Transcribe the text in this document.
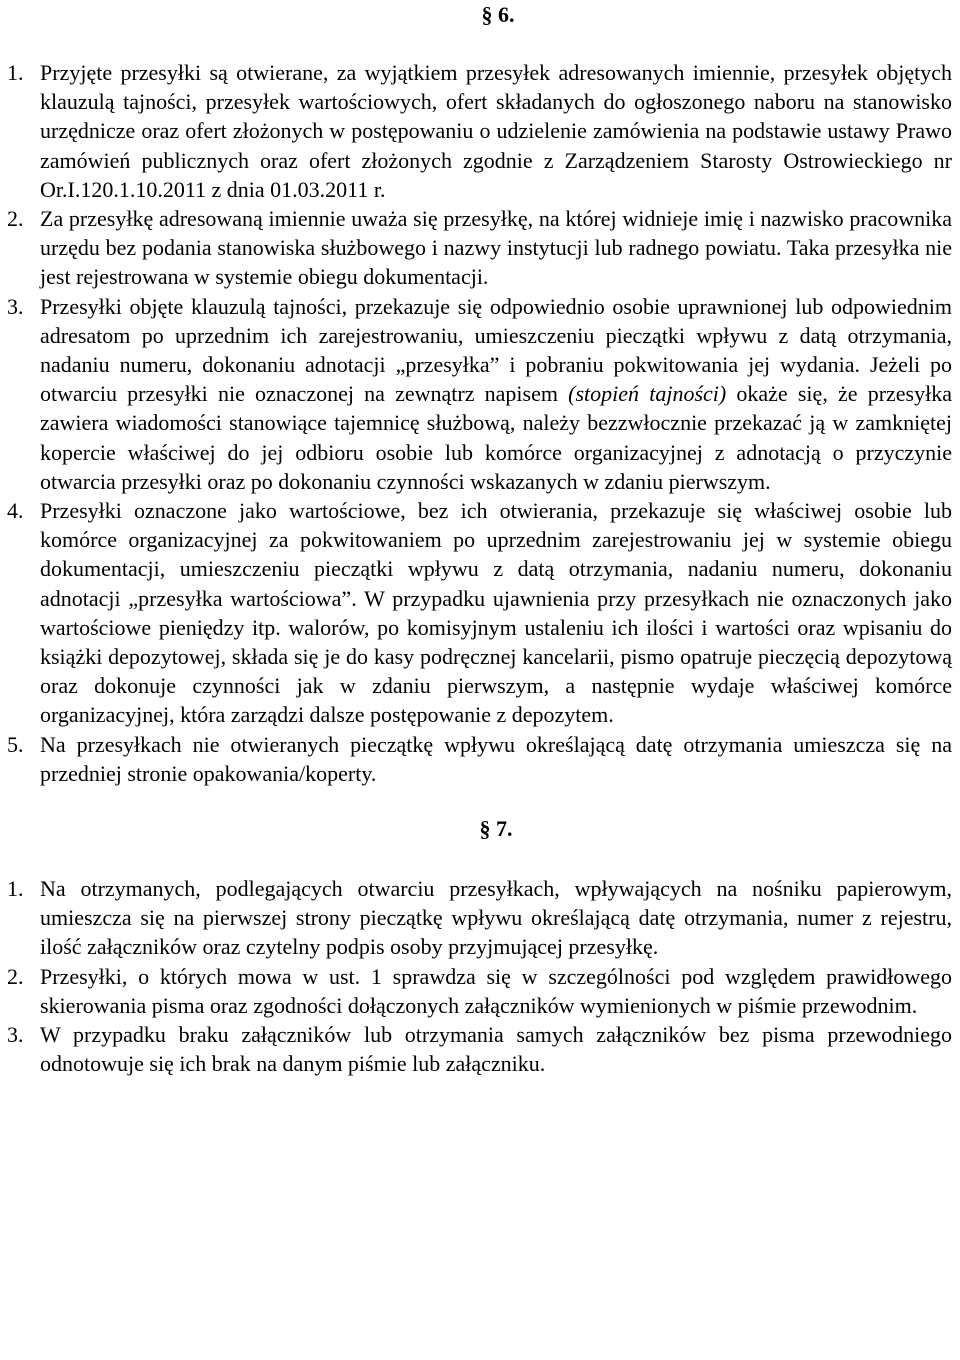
§ 6.
1. Przyjęte przesyłki są otwierane, za wyjątkiem przesyłek adresowanych imiennie, przesyłek objętych klauzulą tajności, przesyłek wartościowych, ofert składanych do ogłoszonego naboru na stanowisko urzędnicze oraz ofert złożonych w postępowaniu o udzielenie zamówienia na podstawie ustawy Prawo zamówień publicznych oraz ofert złożonych zgodnie z Zarządzeniem Starosty Ostrowieckiego nr Or.I.120.1.10.2011 z dnia 01.03.2011 r.
2. Za przesyłkę adresowaną imiennie uważa się przesyłkę, na której widnieje imię i nazwisko pracownika urzędu bez podania stanowiska służbowego i nazwy instytucji lub radnego powiatu. Taka przesyłka nie jest rejestrowana w systemie obiegu dokumentacji.
3. Przesyłki objęte klauzulą tajności, przekazuje się odpowiednio osobie uprawnionej lub odpowiednim adresatom po uprzednim ich zarejestrowaniu, umieszczeniu pieczątki wpływu z datą otrzymania, nadaniu numeru, dokonaniu adnotacji „przesyłka” i pobraniu pokwitowania jej wydania. Jeżeli po otwarciu przesyłki nie oznaczonej na zewnątrz napisem (stopień tajności) okaże się, że przesyłka zawiera wiadomości stanowiące tajemnicę służbową, należy bezzwłocznie przekazać ją w zamkniętej kopercie właściwej do jej odbioru osobie lub komórce organizacyjnej z adnotacją o przyczynie otwarcia przesyłki oraz po dokonaniu czynności wskazanych w zdaniu pierwszym.
4. Przesyłki oznaczone jako wartościowe, bez ich otwierania, przekazuje się właściwej osobie lub komórce organizacyjnej za pokwitowaniem po uprzednim zarejestrowaniu jej w systemie obiegu dokumentacji, umieszczeniu pieczątki wpływu z datą otrzymania, nadaniu numeru, dokonaniu adnotacji „przesyłka wartościowa”. W przypadku ujawnienia przy przesyłkach nie oznaczonych jako wartościowe pieniędzy itp. walorów, po komisyjnym ustaleniu ich ilości i wartości oraz wpisaniu do książki depozytowej, składa się je do kasy podręcznej kancelarii, pismo opatruje pieczęcią depozytową oraz dokonuje czynności jak w zdaniu pierwszym, a następnie wydaje właściwej komórce organizacyjnej, która zarządzi dalsze postępowanie z depozytem.
5. Na przesyłkach nie otwieranych pieczątkę wpływu określającą datę otrzymania umieszcza się na przedniej stronie opakowania/koperty.
§ 7.
1. Na otrzymanych, podlegających otwarciu przesyłkach, wpływających na nośniku papierowym, umieszcza się na pierwszej strony pieczątkę wpływu określającą datę otrzymania, numer z rejestru, ilość załączników oraz czytelny podpis osoby przyjmującej przesyłkę.
2. Przesyłki, o których mowa w ust. 1 sprawdza się w szczególności pod względem prawidłowego skierowania pisma oraz zgodności dołączonych załączników wymienionych w piśmie przewodnim.
3. W przypadku braku załączników lub otrzymania samych załączników bez pisma przewodniego odnotowuje się ich brak na danym piśmie lub załączniku.
